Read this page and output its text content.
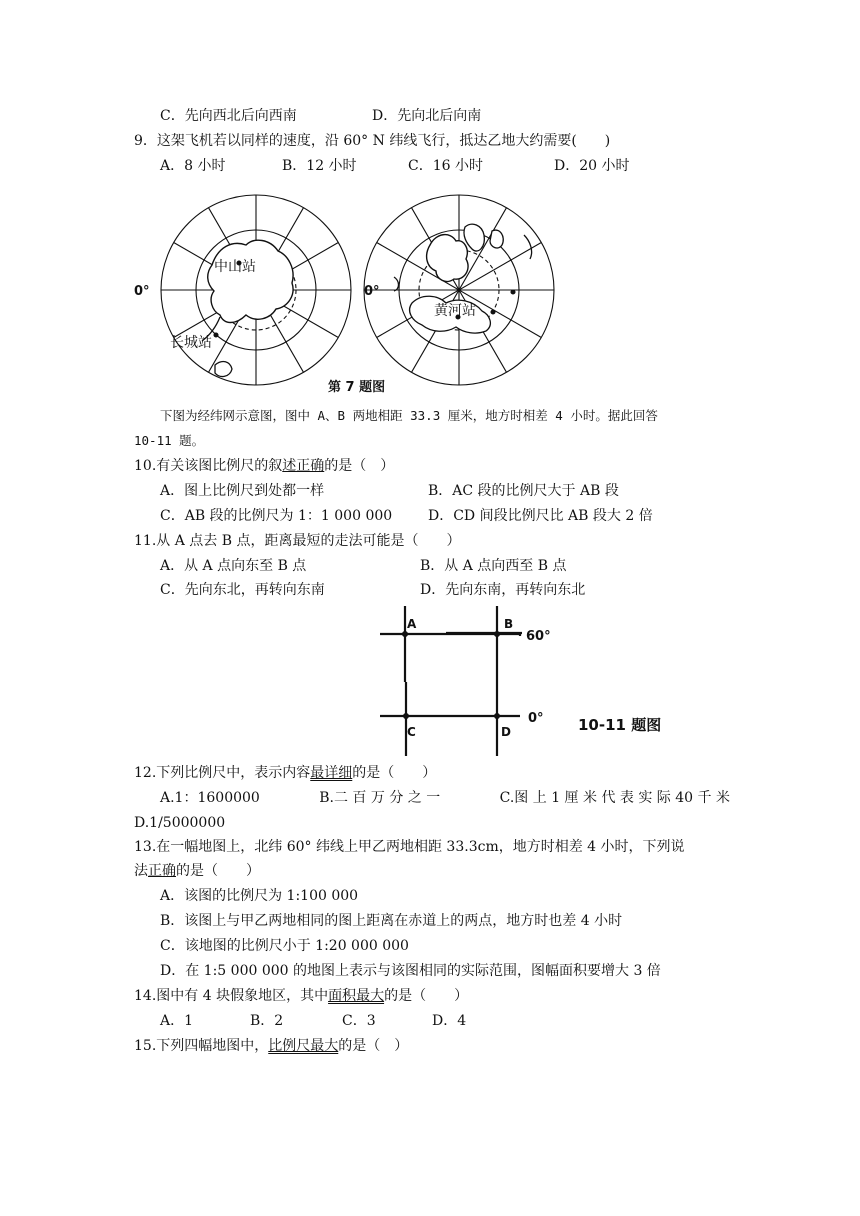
C．先向西北后向西南	D．先向北后向南
9．这架飞机若以同样的速度，沿 60° N 纬线飞行，抵达乙地大约需要(　　)
A．8 小时	B．12 小时	C．16 小时	D．20 小时
0°
中山站
长城站
0°
黄河站
第 7 题图
下图为经纬网示意图，图中 A、B 两地相距 33.3 厘米，地方时相差 4 小时。据此回答
10-11 题。
10.有关该图比例尺的叙述正确的是（　）
A．图上比例尺到处都一样	B．AC 段的比例尺大于 AB 段
C．AB 段的比例尺为 1：1 000 000	D．CD 间段比例尺比 AB 段大 2 倍
11.从 A 点去 B 点，距离最短的走法可能是（　　）
A．从 A 点向东至 B 点	B．从 A 点向西至 B 点
C．先向东北，再转向东南	D．先向东南，再转向东北
A	B
C	D
60°
0° 10-11 题图
12.下列比例尺中，表示内容最详细的是（　　）
A.1：1600000	B.二 百 万 分 之 一	C.图 上 1 厘 米 代 表 实 际 40 千 米
D.1/5000000
13.在一幅地图上，北纬 60° 纬线上甲乙两地相距 33.3cm，地方时相差 4 小时，下列说
法正确的是（　　）
A．该图的比例尺为 1:100 000
B．该图上与甲乙两地相同的图上距离在赤道上的两点，地方时也差 4 小时
C．该地图的比例尺小于 1:20 000 000
D．在 1:5 000 000 的地图上表示与该图相同的实际范围，图幅面积要增大 3 倍
14.图中有 4 块假象地区，其中面积最大的是（　　）
A．1	B．2	C．3	D．4
15.下列四幅地图中，比例尺最大的是（　）
